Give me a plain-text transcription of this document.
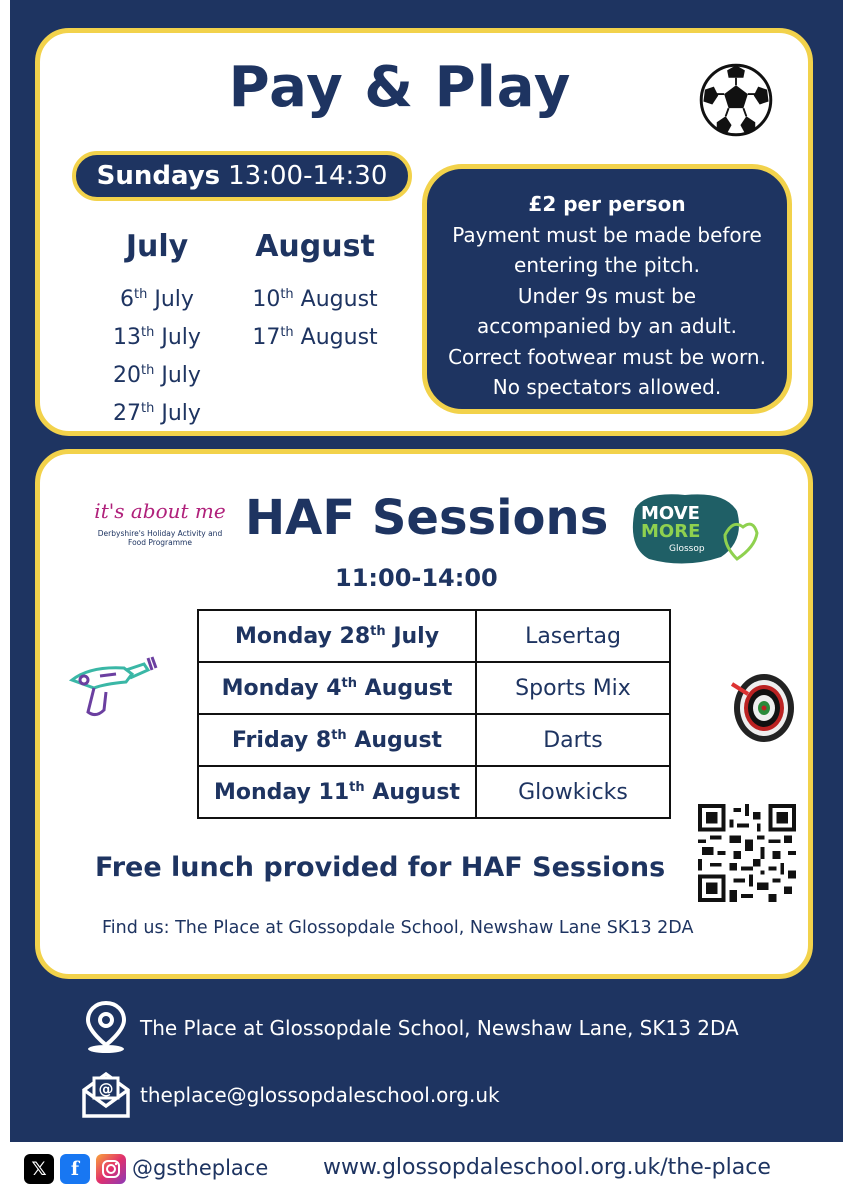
Pay & Play
Sundays 13:00-14:30
July
6th July
13th July
20th July
27th July
August
10th August
17th August
£2 per person
Payment must be made before
entering the pitch.
Under 9s must be
accompanied by an adult.
Correct footwear must be worn.
No spectators allowed.
it's about me
Derbyshire's Holiday Activity and
Food Programme	HAF Sessions
11:00-14:00
MOVE
MORE
Glossop
Monday 28th July	Lasertag
Monday 4th August	Sports Mix
Friday 8th August	Darts
Monday 11th August	Glowkicks
Free lunch provided for HAF Sessions
Find us: The Place at Glossopdale School, Newshaw Lane SK13 2DA
The Place at Glossopdale School, Newshaw Lane, SK13 2DA
@ theplace@glossopdaleschool.org.uk
𝕏	f	@gstheplace www.glossopdaleschool.org.uk/the-place
